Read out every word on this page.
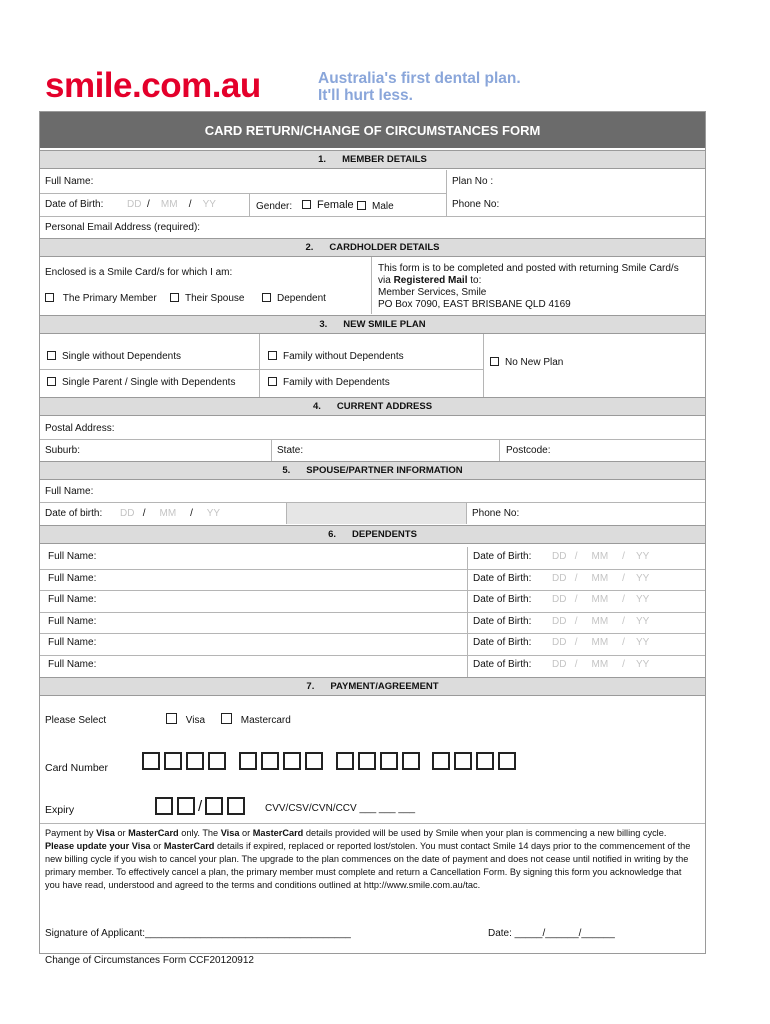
smile.com.au	Australia's first dental plan.
It'll hurt less.
CARD RETURN/CHANGE OF CIRCUMSTANCES FORM
1. MEMBER DETAILS
Full Name:	Plan No :
Date of Birth: DD / MM / YY	Gender:	Female	Male	Phone No:
Personal Email Address (required):
2. CARDHOLDER DETAILS
Enclosed is a Smile Card/s for which I am:
The Primary Member	Their Spouse	Dependent
This form is to be completed and posted with returning Smile Card/s
via Registered Mail to:
Member Services, Smile
PO Box 7090, EAST BRISBANE QLD 4169
3. NEW SMILE PLAN
Single without Dependents	Family without Dependents
No New Plan
Single Parent / Single with Dependents	Family with Dependents
4. CURRENT ADDRESS
Postal Address:
Suburb:	State:	Postcode:
5. SPOUSE/PARTNER INFORMATION
Full Name:
Date of birth: DD / MM / YY	Phone No:
6. DEPENDENTS
Full Name:	Date of Birth: DD / MM / YY
Full Name:	Date of Birth: DD / MM / YY
Full Name:	Date of Birth: DD / MM / YY
Full Name:	Date of Birth: DD / MM / YY
Full Name:	Date of Birth: DD / MM / YY
Full Name:	Date of Birth: DD / MM / YY
7. PAYMENT/AGREEMENT
Please Select	Visa	Mastercard
Card Number

Expiry	/	CVV/CSV/CVN/CCV ___ ___ ___
Payment by Visa or MasterCard only. The Visa or MasterCard details provided will be used by Smile when your plan is commencing a new billing cycle. Please update your Visa or MasterCard details if expired, replaced or reported lost/stolen. You must contact Smile 14 days prior to the commencement of the new billing cycle if you wish to cancel your plan. The upgrade to the plan commences on the date of payment and does not cease until notified in writing by the primary member. To effectively cancel a plan, the primary member must complete and return a Cancellation Form. By signing this form you acknowledge that you have read, understood and agreed to the terms and conditions outlined at http://www.smile.com.au/tac.
Signature of Applicant:_____________________________________	Date: _____/______/______
Change of Circumstances Form CCF20120912
